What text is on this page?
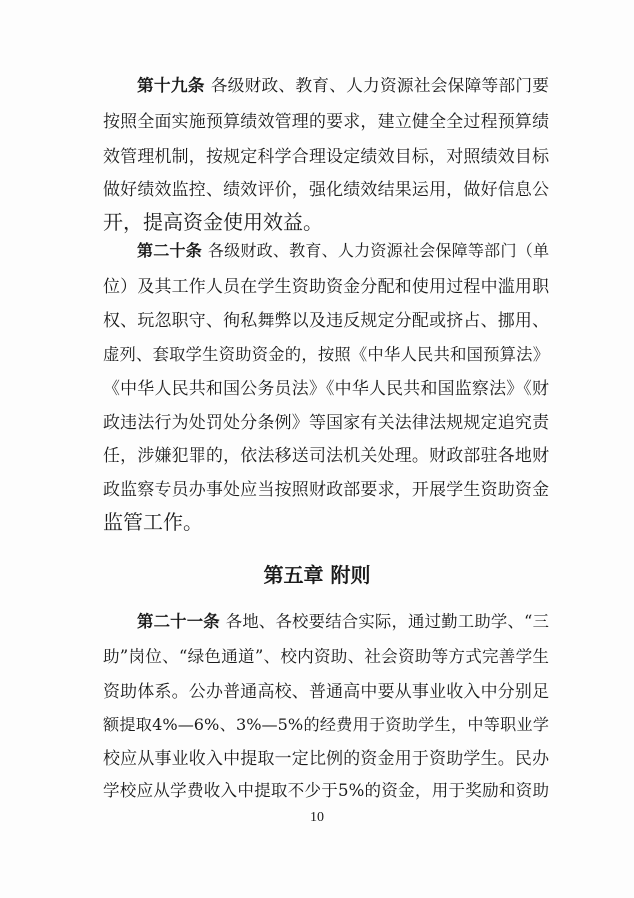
第十九条 各级财政、教育、人力资源社会保障等部门要
按照全面实施预算绩效管理的要求，建立健全全过程预算绩
效管理机制，按规定科学合理设定绩效目标，对照绩效目标
做好绩效监控、绩效评价，强化绩效结果运用，做好信息公
开，提高资金使用效益。
第二十条 各级财政、教育、人力资源社会保障等部门（单
位）及其工作人员在学生资助资金分配和使用过程中滥用职
权、玩忽职守、徇私舞弊以及违反规定分配或挤占、挪用、
虚列、套取学生资助资金的，按照《中华人民共和国预算法》
《中华人民共和国公务员法》《中华人民共和国监察法》《财
政违法行为处罚处分条例》等国家有关法律法规规定追究责
任，涉嫌犯罪的，依法移送司法机关处理。财政部驻各地财
政监察专员办事处应当按照财政部要求，开展学生资助资金
监管工作。
第二十一条 各地、各校要结合实际，通过勤工助学、“三
助”岗位、“绿色通道”、校内资助、社会资助等方式完善学生
资助体系。公办普通高校、普通高中要从事业收入中分别足
额提取4%—6%、3%—5%的经费用于资助学生，中等职业学
校应从事业收入中提取一定比例的资金用于资助学生。民办
学校应从学费收入中提取不少于5%的资金，用于奖励和资助
第五章 附则
10
